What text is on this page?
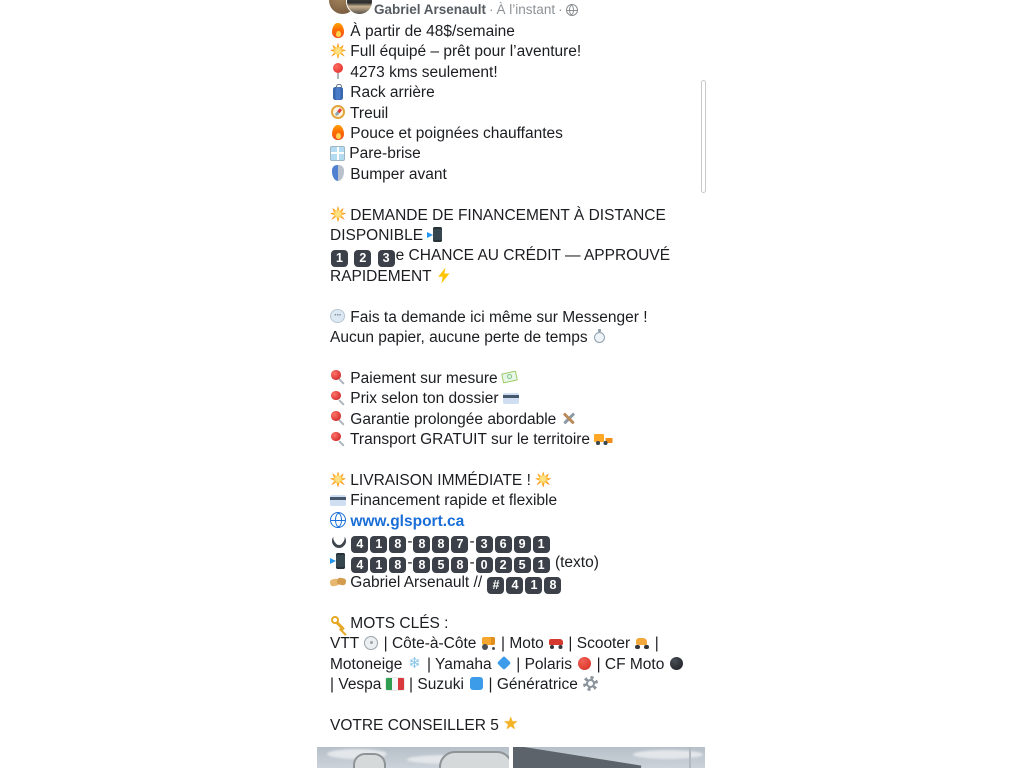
Gabriel Arsenault · À l’instant ·

À partir de 48$/semaine

Full équipé – prêt pour l’aventure!

4273 kms seulement!

Rack arrière

Treuil

Pouce et poignées chauffantes

Pare-brise

Bumper avant

DEMANDE DE FINANCEMENT À DISTANCE DISPONIBLE

1 2 3 e CHANCE AU CRÉDIT — APPROUVÉ RAPIDEMENT

··· Fais ta demande ici même sur Messenger !

Aucun papier, aucune perte de temps

Paiement sur mesure

Prix selon ton dossier

Garantie prolongée abordable

Transport GRATUIT sur le territoire

LIVRAISON IMMÉDIATE !

Financement rapide et flexible

www.glsport.ca

4 1 8 - 8 8 7 - 3 6 9 1

4 1 8 - 8 5 8 - 0 2 5 1 (texto)

Gabriel Arsenault // # 4 1 8

MOTS CLÉS :

VTT  | Côte-à-Côte  | Moto  | Scooter  | Motoneige ❄ | Yamaha  | Polaris  | CF Moto  | Vespa  | Suzuki  | Génératrice

VOTRE CONSEILLER 5 ★
